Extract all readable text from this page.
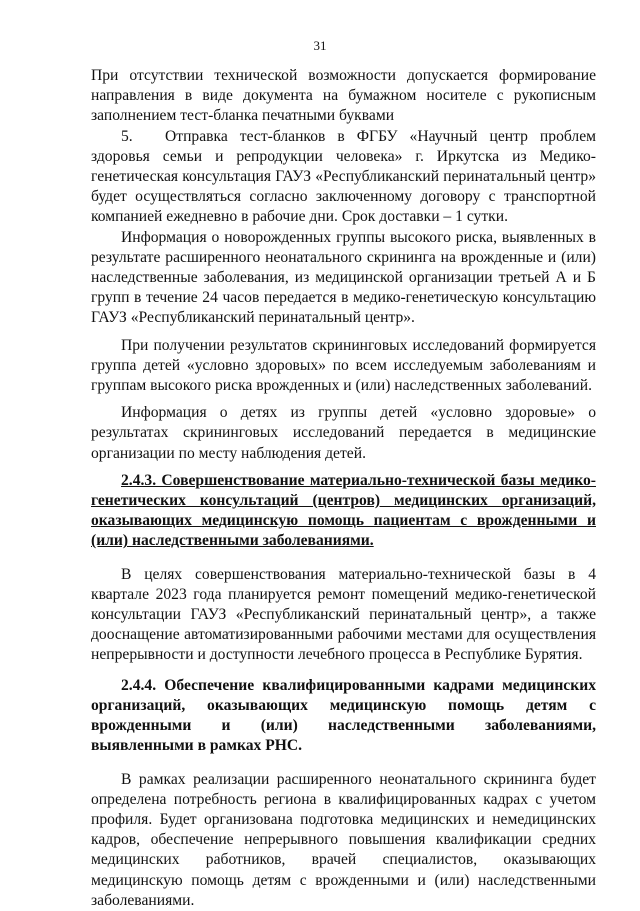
31

При отсутствии технической возможности допускается формирование направления в виде документа на бумажном носителе с рукописным заполнением тест-бланка печатными буквами

5. Отправка тест-бланков в ФГБУ «Научный центр проблем здоровья семьи и репродукции человека» г. Иркутска из Медико-генетическая консультация ГАУЗ «Республиканский перинатальный центр» будет осуществляться согласно заключенному договору с транспортной компанией ежедневно в рабочие дни. Срок доставки – 1 сутки.

Информация о новорожденных группы высокого риска, выявленных в результате расширенного неонатального скрининга на врожденные и (или) наследственные заболевания, из медицинской организации третьей А и Б групп в течение 24 часов передается в медико-генетическую консультацию ГАУЗ «Республиканский перинатальный центр».

При получении результатов скрининговых исследований формируется группа детей «условно здоровых» по всем исследуемым заболеваниям и группам высокого риска врожденных и (или) наследственных заболеваний.

Информация о детях из группы детей «условно здоровые» о результатах скрининговых исследований передается в медицинские организации по месту наблюдения детей.

2.4.3. Совершенствование материально-технической базы медико-генетических консультаций (центров) медицинских организаций, оказывающих медицинскую помощь пациентам с врожденными и (или) наследственными заболеваниями.

В целях совершенствования материально-технической базы в 4 квартале 2023 года планируется ремонт помещений медико-генетической консультации ГАУЗ «Республиканский перинатальный центр», а также дооснащение автоматизированными рабочими местами для осуществления непрерывности и доступности лечебного процесса в Республике Бурятия.

2.4.4. Обеспечение квалифицированными кадрами медицинских организаций, оказывающих медицинскую помощь детям с врожденными и (или) наследственными заболеваниями, выявленными в рамках РНС.

В рамках реализации расширенного неонатального скрининга будет определена потребность региона в квалифицированных кадрах с учетом профиля. Будет организована подготовка медицинских и немедицинских кадров, обеспечение непрерывного повышения квалификации средних медицинских работников, врачей специалистов, оказывающих медицинскую помощь детям с врожденными и (или) наследственными заболеваниями.
